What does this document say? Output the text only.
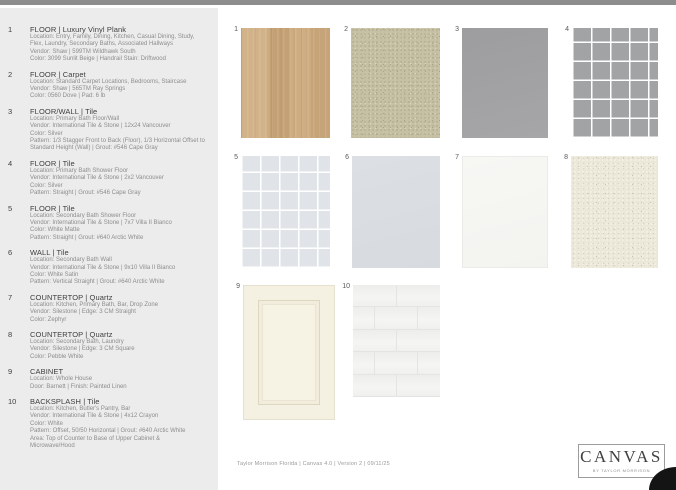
1	FLOOR | Luxury Vinyl Plank
Location: Entry, Family, Dining, Kitchen, Casual Dining, Study, Flex, Laundry, Secondary Baths, Associated Hallways
Vendor: Shaw | 599TM Wildhawk South
Color: 3099 Sunlit Beige | Handrail Stain: Driftwood
2	FLOOR | Carpet
Location: Standard Carpet Locations, Bedrooms, Staircase
Vendor: Shaw | 565TM Ray Springs
Color: 0560 Dove | Pad: 6 lb
3	FLOOR/WALL | Tile
Location: Primary Bath Floor/Wall
Vendor: International Tile & Stone | 12x24 Vancouver
Color: Silver
Pattern: 1/3 Stagger Front to Back (Floor), 1/3 Horizontal Offset to Standard Height (Wall) | Grout: #546 Cape Gray
4	FLOOR | Tile
Location: Primary Bath Shower Floor
Vendor: International Tile & Stone | 2x2 Vancouver
Color: Silver
Pattern: Straight | Grout: #546 Cape Gray
5	FLOOR | Tile
Location: Secondary Bath Shower Floor
Vendor: International Tile & Stone | 7x7 Villa II Bianco
Color: White Matte
Pattern: Straight | Grout: #640 Arctic White
6	WALL | Tile
Location: Secondary Bath Wall
Vendor: International Tile & Stone | 9x10 Villa II Bianco
Color: White Satin
Pattern: Vertical Straight | Grout: #640 Arctic White
7	COUNTERTOP | Quartz
Location: Kitchen, Primary Bath, Bar, Drop Zone
Vendor: Silestone | Edge: 3 CM Straight
Color: Zephyr
8	COUNTERTOP | Quartz
Location: Secondary Bath, Laundry
Vendor: Silestone | Edge: 3 CM Square
Color: Pebble White
9	CABINET
Location: Whole House
Door: Barnett | Finish: Painted Linen
10	BACKSPLASH | Tile
Location: Kitchen, Butler's Pantry, Bar
Vendor: International Tile & Stone | 4x12 Crayon
Color: White
Pattern: Offset, 50/50 Horizontal | Grout: #640 Arctic White
Area: Top of Counter to Base of Upper Cabinet & Microwave/Hood
1	2	3	4
5	6	7	8
9	10
Taylor Morrison Florida | Canvas 4.0 | Version 2 | 09/11/25	CANVAS
BY TAYLOR MORRISON
